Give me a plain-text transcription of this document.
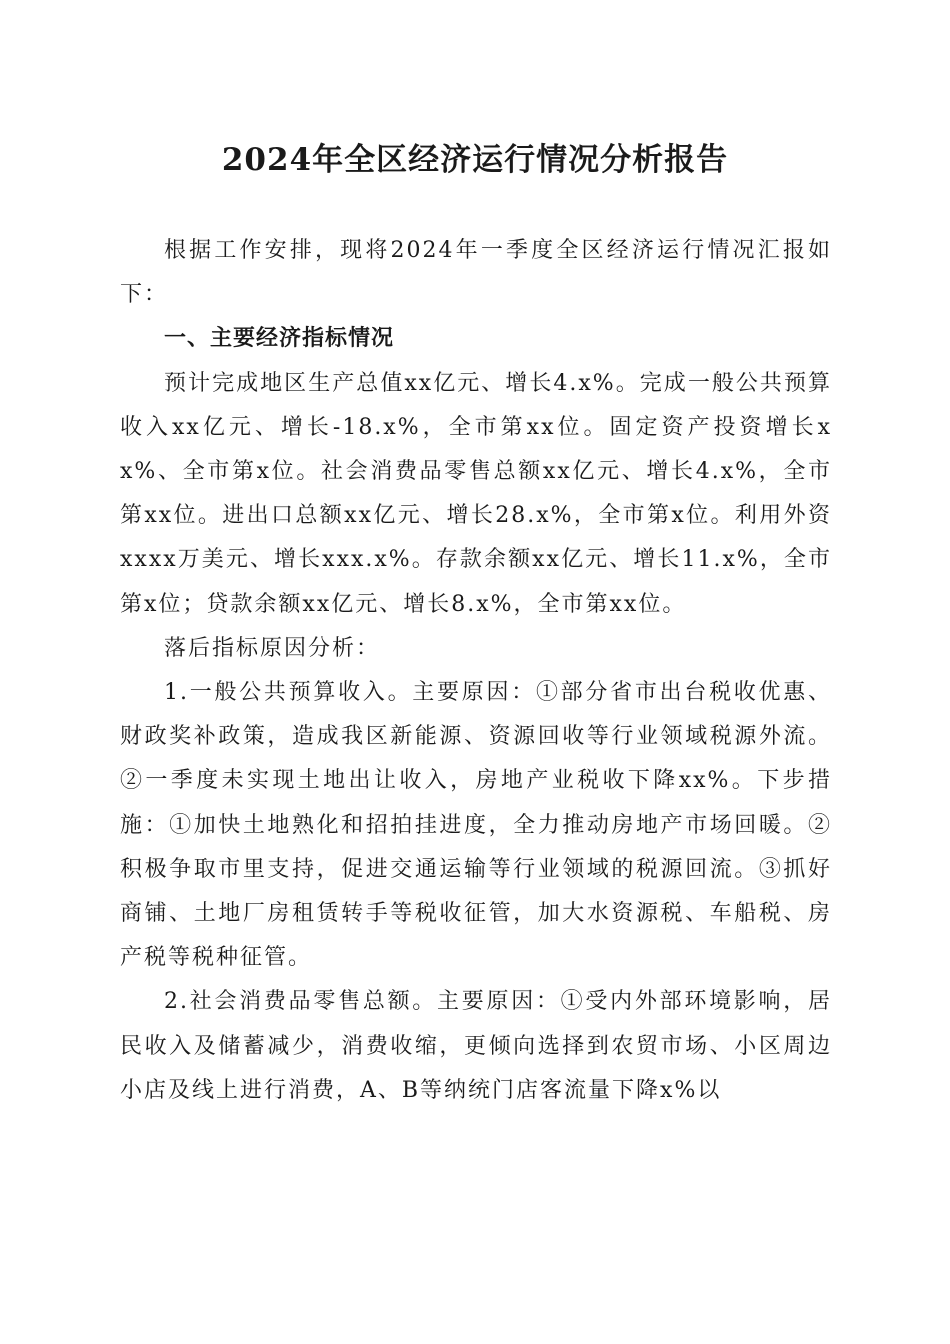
2024年全区经济运行情况分析报告

根据工作安排，现将2024年一季度全区经济运行情况汇报如下：

一、主要经济指标情况

预计完成地区生产总值xx亿元、增长4.x%。完成一般公共预算收入xx亿元、增长-18.x%，全市第xx位。固定资产投资增长xx%、全市第x位。社会消费品零售总额xx亿元、增长4.x%，全市第xx位。进出口总额xx亿元、增长28.x%，全市第x位。利用外资xxxx万美元、增长xxx.x%。存款余额xx亿元、增长11.x%，全市第x位；贷款余额xx亿元、增长8.x%，全市第xx位。

落后指标原因分析：

1.一般公共预算收入。主要原因：①部分省市出台税收优惠、财政奖补政策，造成我区新能源、资源回收等行业领域税源外流。②一季度未实现土地出让收入，房地产业税收下降xx%。下步措施：①加快土地熟化和招拍挂进度，全力推动房地产市场回暖。②积极争取市里支持，促进交通运输等行业领域的税源回流。③抓好商铺、土地厂房租赁转手等税收征管，加大水资源税、车船税、房产税等税种征管。

2.社会消费品零售总额。主要原因：①受内外部环境影响，居民收入及储蓄减少，消费收缩，更倾向选择到农贸市场、小区周边小店及线上进行消费，A、B等纳统门店客流量下降x%以
